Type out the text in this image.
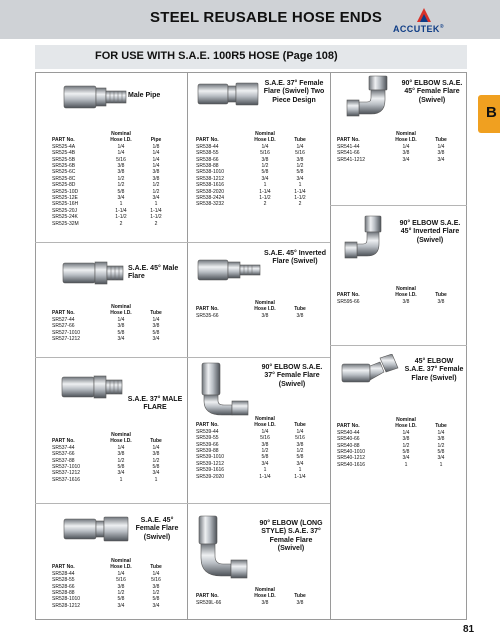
STEEL REUSABLE HOSE ENDS
ACCUTEK®
FOR USE WITH S.A.E. 100R5 HOSE (Page 108)
B
Male Pipe
S.A.E. 37° Female Flare (Swivel) Two Piece Design
90° ELBOW S.A.E. 45° Female Flare (Swivel)
S.A.E. 45° Male Flare
S.A.E. 45° Inverted Flare (Swivel)
90° ELBOW S.A.E. 45° Inverted Flare (Swivel)
S.A.E. 37° MALE FLARE
90° ELBOW S.A.E. 37° Female Flare (Swivel)
45° ELBOW S.A.E. 37° Female Flare (Swivel)
S.A.E. 45° Female Flare (Swivel)
90° ELBOW (LONG STYLE) S.A.E. 37° Female Flare (Swivel)
Nominal
PART No.	Hose I.D.	Pipe
SR525-4A	1/4	1/8
SR525-4B	1/4	1/4
SR525-5B	5/16	1/4
SR525-6B	3/8	1/4
SR525-6C	3/8	3/8
SR525-8C	1/2	3/8
SR525-8D	1/2	1/2
SR525-10D	5/8	1/2
SR525-12E	3/4	3/4
SR525-16H	1	1
SR525-20J	1-1/4	1-1/4
SR525-24K	1-1/2	1-1/2
SR525-32M	2	2
Nominal
PART No.	Hose I.D.	Tube
SR538-44	1/4	1/4
SR538-55	5/16	5/16
SR538-66	3/8	3/8
SR538-88	1/2	1/2
SR538-1010	5/8	5/8
SR538-1212	3/4	3/4
SR538-1616	1	1
SR538-2020	1-1/4	1-1/4
SR538-2424	1-1/2	1-1/2
SR538-3232	2	2
Nominal
PART No.	Hose I.D.	Tube
SR541-44	1/4	1/4
SR541-66	3/8	3/8
SR541-1212	3/4	3/4
Nominal
PART No.	Hose I.D.	Tube
SR527-44	1/4	1/4
SR527-66	3/8	3/8
SR527-1010	5/8	5/8
SR527-1212	3/4	3/4
Nominal
PART No.	Hose I.D.	Tube
SR535-66	3/8	3/8
Nominal
PART No.	Hose I.D.	Tube
SR595-66	3/8	3/8
Nominal
PART No.	Hose I.D.	Tube
SR537-44	1/4	1/4
SR537-66	3/8	3/8
SR537-88	1/2	1/2
SR537-1010	5/8	5/8
SR537-1212	3/4	3/4
SR537-1616	1	1
Nominal
PART No.	Hose I.D.	Tube
SR539-44	1/4	1/4
SR539-55	5/16	5/16
SR539-66	3/8	3/8
SR539-88	1/2	1/2
SR539-1010	5/8	5/8
SR539-1212	3/4	3/4
SR539-1616	1	1
SR539-2020	1-1/4	1-1/4
Nominal
PART No.	Hose I.D.	Tube
SR540-44	1/4	1/4
SR540-66	3/8	3/8
SR540-88	1/2	1/2
SR540-1010	5/8	5/8
SR540-1212	3/4	3/4
SR540-1616	1	1
Nominal
PART No.	Hose I.D.	Tube
SR528-44	1/4	1/4
SR528-55	5/16	5/16
SR528-66	3/8	3/8
SR528-88	1/2	1/2
SR528-1010	5/8	5/8
SR528-1212	3/4	3/4
Nominal
PART No.	Hose I.D.	Tube
SR539L-66	3/8	3/8
81
